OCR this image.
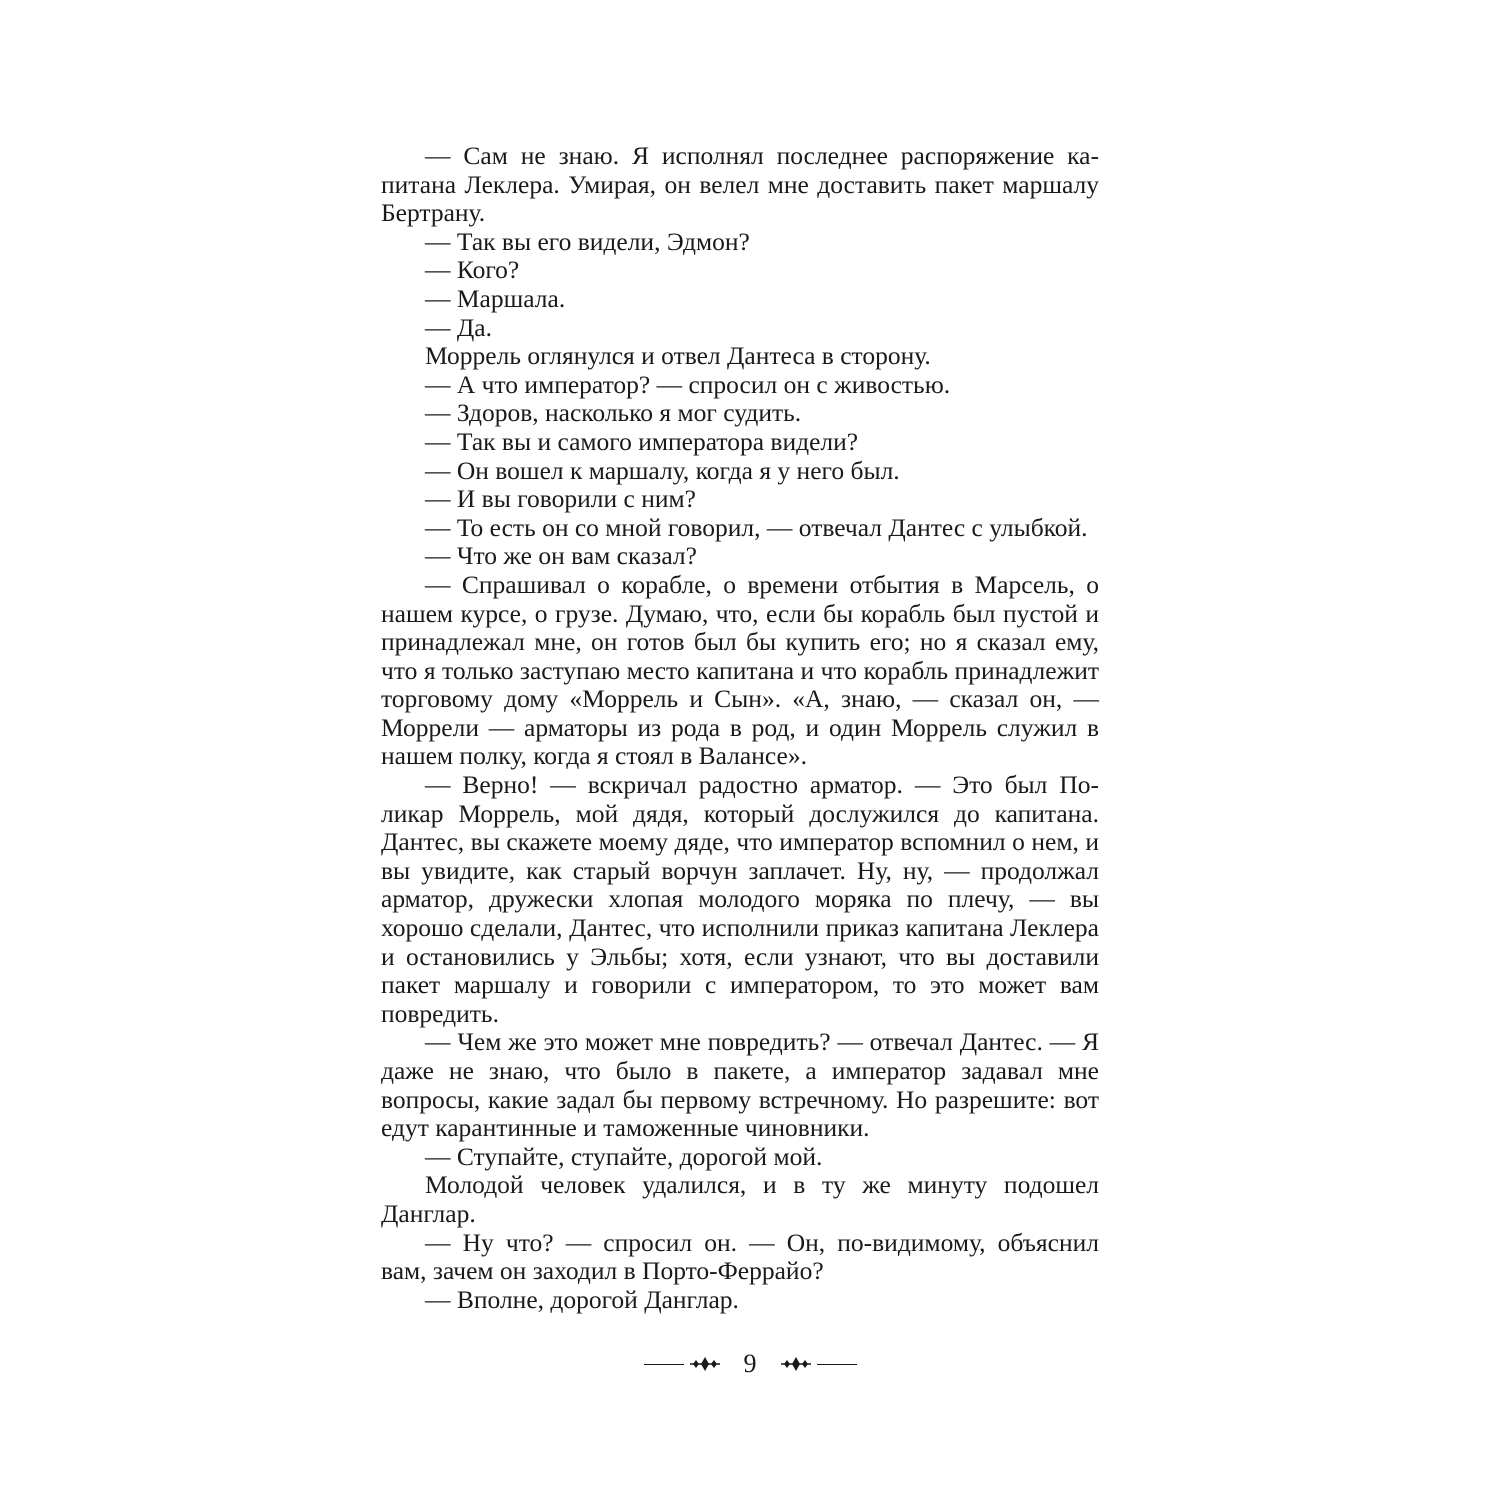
— Сам не знаю. Я исполнял последнее распоряжение капитана Леклера. Умирая, он велел мне доставить пакет маршалу Бертрану.

— Так вы его видели, Эдмон?

— Кого?

— Маршала.

— Да.

Моррель оглянулся и отвел Дантеса в сторону.

— А что император? — спросил он с живостью.

— Здоров, насколько я мог судить.

— Так вы и самого императора видели?

— Он вошел к маршалу, когда я у него был.

— И вы говорили с ним?

— То есть он со мной говорил, — отвечал Дантес с улыбкой.

— Что же он вам сказал?

— Спрашивал о корабле, о времени отбытия в Марсель, о нашем курсе, о грузе. Думаю, что, если бы корабль был пустой и принадлежал мне, он готов был бы купить его; но я сказал ему, что я только заступаю место капитана и что корабль принадлежит торговому дому «Моррель и Сын». «А, знаю, — сказал он, — Моррели — арматоры из рода в род, и один Моррель служил в нашем полку, когда я стоял в Валансе».

— Верно! — вскричал радостно арматор. — Это был Поликар Моррель, мой дядя, который дослужился до капитана. Дантес, вы скажете моему дяде, что император вспомнил о нем, и вы увидите, как старый ворчун заплачет. Ну, ну, — продолжал арматор, дружески хлопая молодого моряка по плечу, — вы хорошо сделали, Дантес, что исполнили приказ капитана Леклера и остановились у Эльбы; хотя, если узнают, что вы доставили пакет маршалу и говорили с императором, то это может вам повредить.

— Чем же это может мне повредить? — отвечал Дантес. — Я даже не знаю, что было в пакете, а император задавал мне вопросы, какие задал бы первому встречному. Но разрешите: вот едут карантинные и таможенные чиновники.

— Ступайте, ступайте, дорогой мой.

Молодой человек удалился, и в ту же минуту подошел Данглар.

— Ну что? — спросил он. — Он, по-видимому, объяснил вам, зачем он заходил в Порто-Феррайо?

— Вполне, дорогой Данглар.

9
